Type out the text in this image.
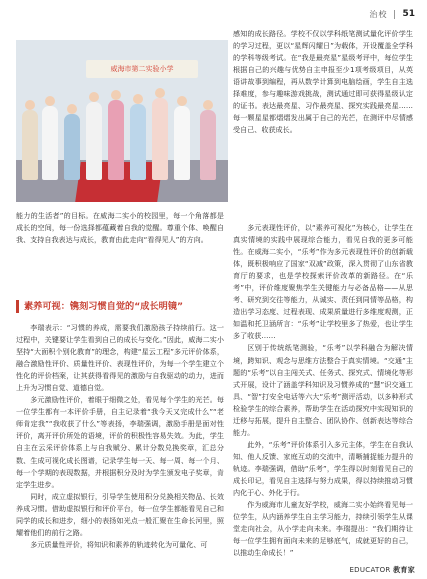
治校 51
威海市第二实验小学

能力的生活者”的目标。在威海二实小的校园里，每一个角落都是成长的空间，每一份选择都蕴藏着自我的觉醒。尊重个体、唤醒自我、支持自我表达与成长，教育由此走向“看得见人”的方向。

素养可视：镌刻习惯自觉的“成长明镜”

李瑞表示：“习惯的养成，需要我们激励孩子持续前行。这一过程中，关键要让学生看到自己的成长与变化。”因此，威海二实小坚持“大面积个别化教育”的理念，构建“星云工程”多元评价体系，融合激励性评价、质量性评价、表现性评价，为每一个学生建立个性化的评价档案，让其获得看得见的激励与自我驱动的动力，进而上升为习惯自觉、道德自觉。

多元激励性评价，着眼于细微之处，看见每个学生的光芒。每一位学生都有一本评价手册，自主记录着“我今天又完成什么”“老师肯定我”“我收获了什么”等表扬，李瑞强调，激励手册是面对性评价，离开评价所处的语境，评价的积极性容易失效。为此，学生自主在云采评价体系上与自我赋分、累计分数兑换奖章，汇总分数、生成可视化成长图谱，记录学生每一天、每一周、每一个月、每一个学期的表现数据，并根据积分及时为学生颁发电子奖章，肯定学生进步。

同时，成立虚拟银行，引导学生使用积分兑换相关物品、长效养成习惯。借助虚拟银行和评价平台，每一位学生都能看见自己和同学的成长和进步，细小的表扬如光点一般汇聚在生命长河里，照耀着他们的前行之路。

多元质量性评价，将知识和素养的轨迹转化为可量化、可

感知的成长路径。学校不仅以学科纸笔测试量化评价学生的学习过程，更以“星辉闪耀日”为载体，开设覆盖全学科的学科等级考试。在“我是最亮星”星级考评中，每位学生根据自己的兴趣与优势自主申报至少1项考级项目，从英语讲故事到编程，再从数学计算到电脑绘画，学生自主选择难度，参与趣味游戏挑战，测试通过即可获得星级认定的证书。表达最亮星、习作最亮星、探究实践最亮星……每一颗星星都熠熠发出属于自己的光芒，在测评中尽情感受自己、收获成长。

多元表现性评价，以“素养可视化”为核心，让学生在真实情境的实践中展现综合能力，看见自我的更多可能性。在威海二实小，“乐考”作为多元表现性评价的创新载体，既积极响应了国家“双减”政策，深入贯彻了山东省教育厅的要求，也是学校探索评价改革的新路径。在“乐考”中，评价维度聚焦学生关键能力与必备品格——从思考、研究到交往等能力，从诚实、责任到同情等品格，构造出学习态度、过程表现、成果质量进行多维度观测，正如温和托卫涵所言：“乐考”让学校里多了热爱，也让学生多了收获……

区别于传统纸笔测验，“乐考”以学科融合为解决情境，跨知识、观念与思维方法整合于真实情境。“交通”主题的“乐考”以自主闯关式、任务式、探究式、情境化等形式开展，设计了涵盖学科知识及习惯养成的“慧”识交通工具、“智”打安全电话等六大“乐考”测评活动，以多种形式检验学生的综合素养，帮助学生在活动探究中实现知识的迁移与拓展，提升自主整合、团队协作、创新表达等综合能力。

此外，“乐考”评价体系引入多元主体，学生在自我认知、他人反馈、家庭互动的交流中，清晰捕捉能力提升的轨迹。李瑞强调，借助“乐考”，学生得以时刻看见自己的成长印记，看见自主选择与努力成果，得以持续推动习惯内化于心、外化于行。

作为威海市儿童友好学校，威海二实小始终看见每一位学生，从内涵养学生自主学习能力，持续引领学生从课堂走向社会，从小学走向未来。李瑞提出：“我们期待让每一位学生拥有面向未来的足够底气，成就更好的自己，以推动生命成长！”

EDUCATOR 教育家
